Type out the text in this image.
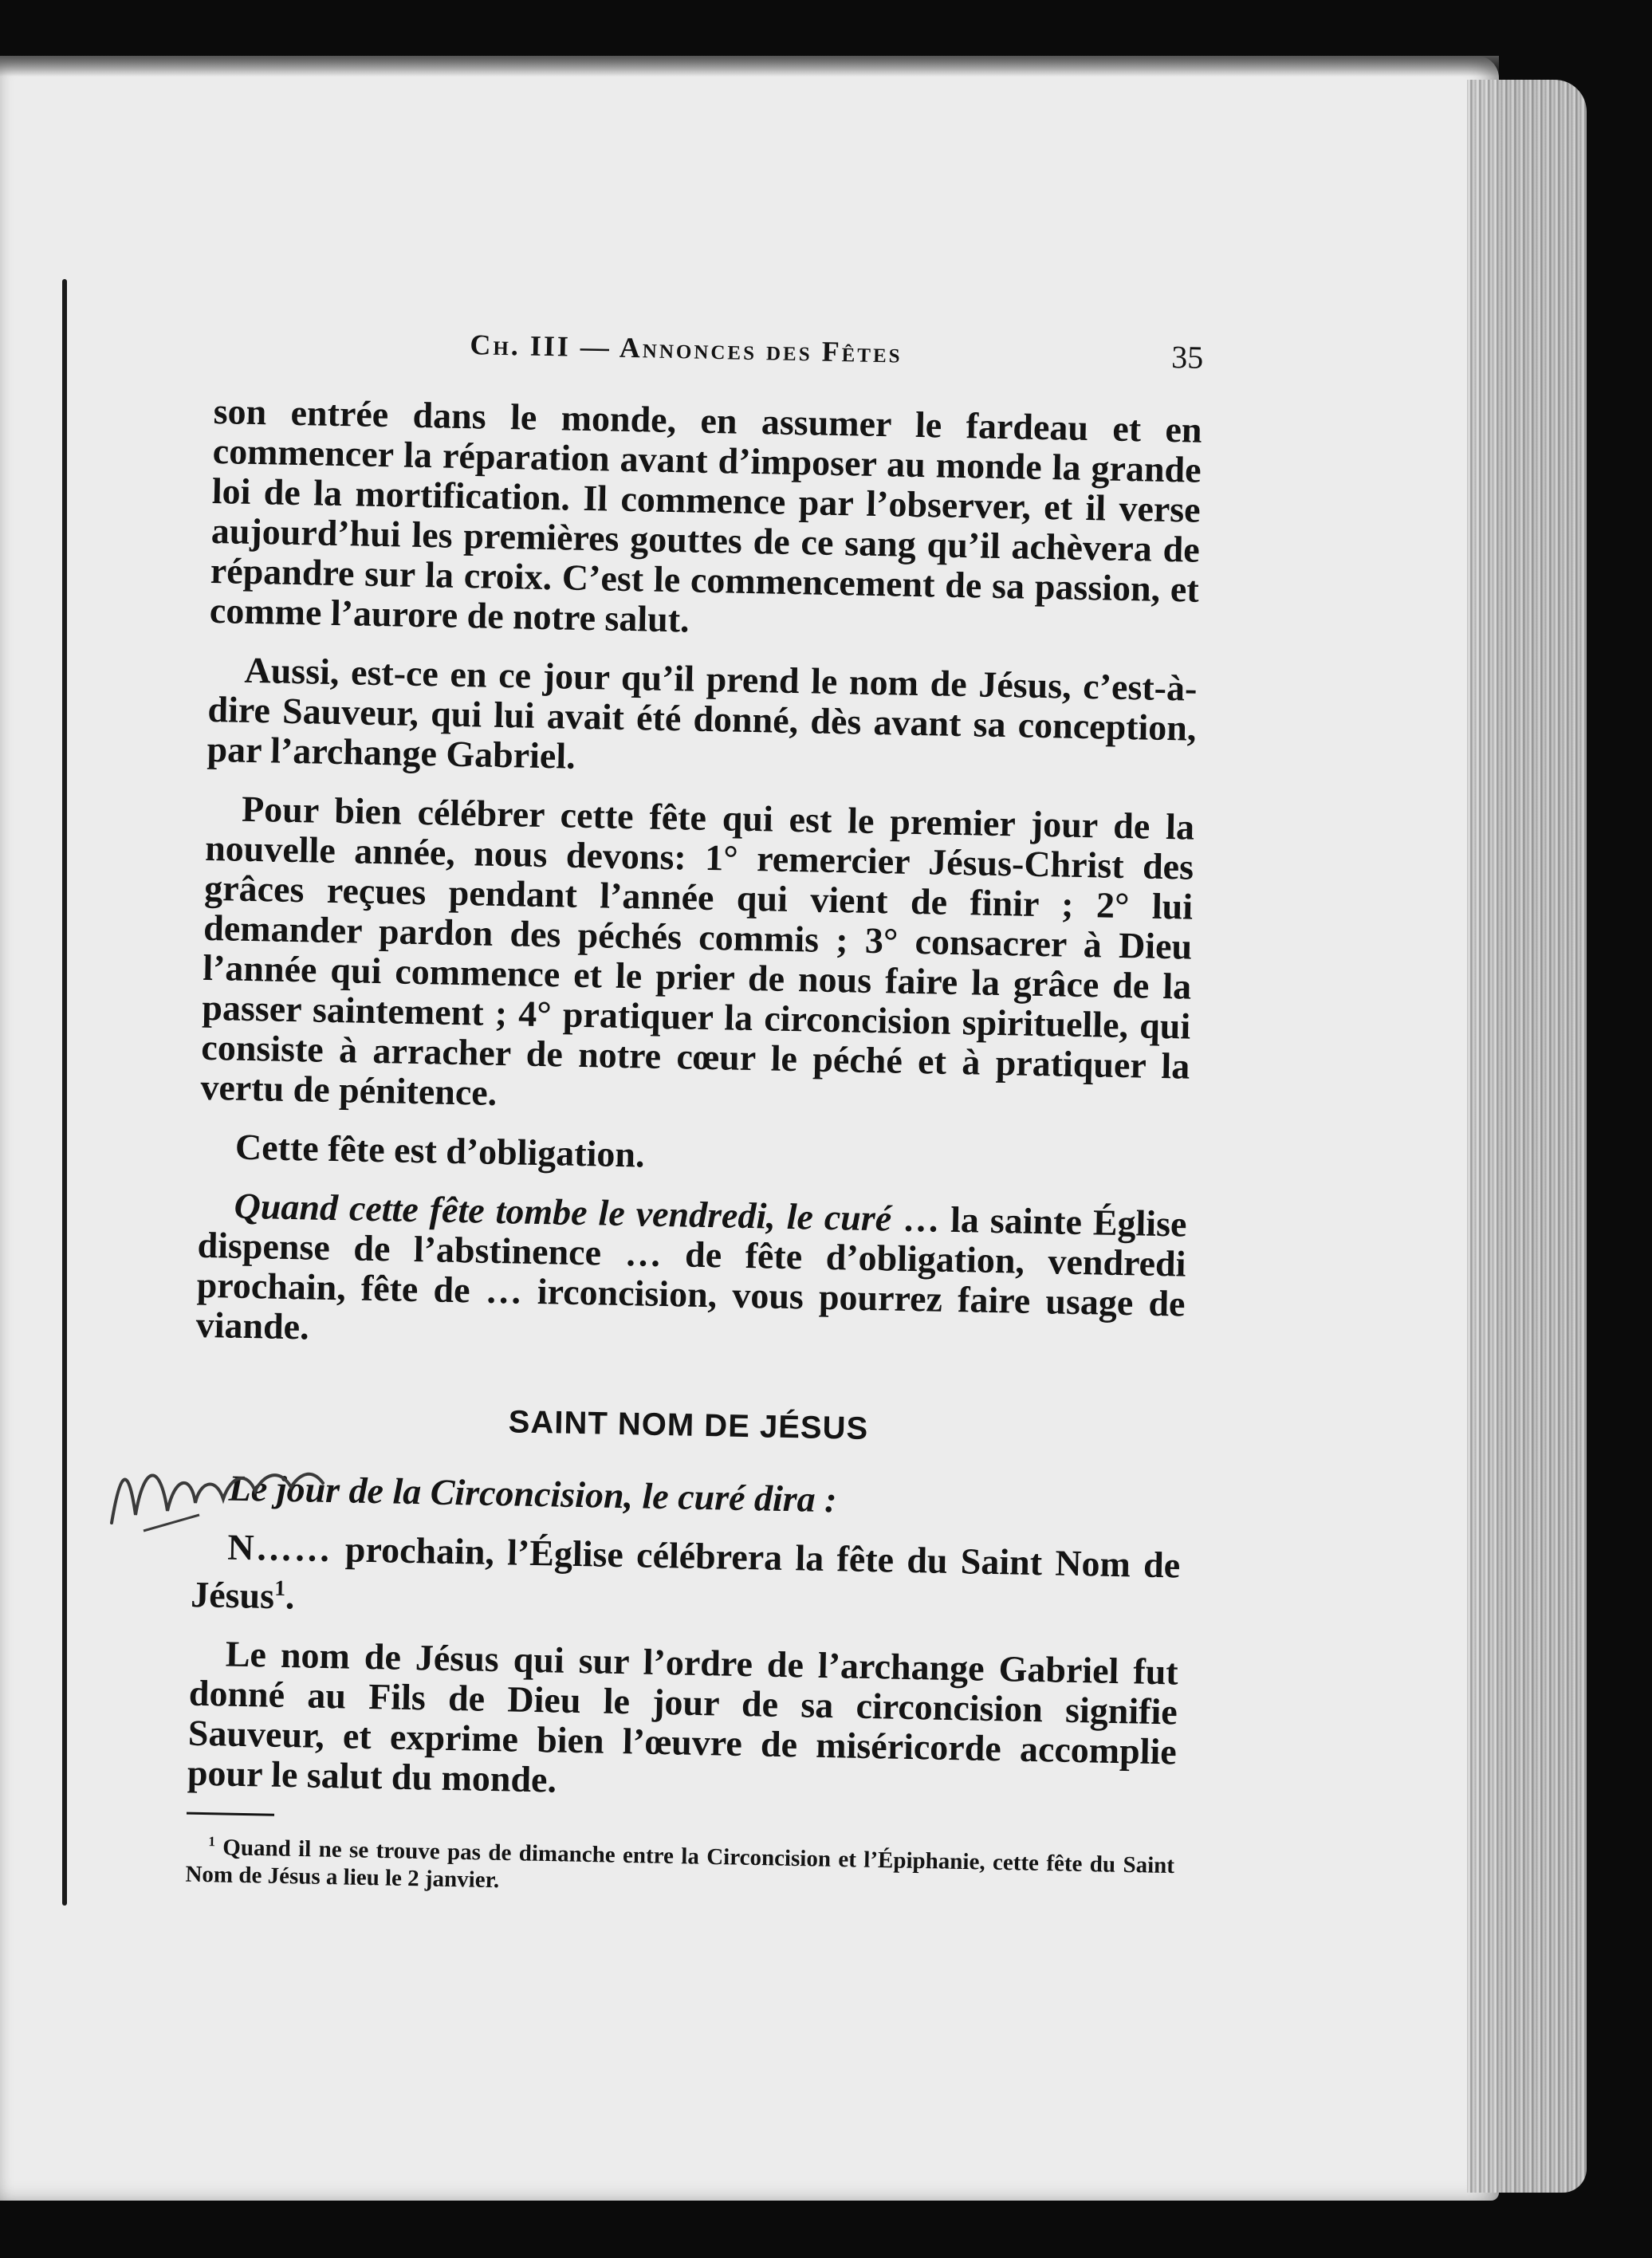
Ch. III — Annonces des Fêtes	35

son entrée dans le monde, en assumer le fardeau et en commencer la réparation avant d’imposer au monde la grande loi de la mortification. Il commence par l’observer, et il verse aujourd’hui les premières gouttes de ce sang qu’il achèvera de répandre sur la croix. C’est le commencement de sa passion, et comme l’aurore de notre salut.

Aussi, est-ce en ce jour qu’il prend le nom de Jésus, c’est-à-dire Sauveur, qui lui avait été donné, dès avant sa conception, par l’archange Gabriel.

Pour bien célébrer cette fête qui est le premier jour de la nouvelle année, nous devons: 1° remercier Jésus-Christ des grâces reçues pendant l’année qui vient de finir ; 2° lui demander pardon des péchés commis ; 3° consacrer à Dieu l’année qui commence et le prier de nous faire la grâce de la passer saintement ; 4° pratiquer la circoncision spirituelle, qui consiste à arracher de notre cœur le péché et à pratiquer la vertu de pénitence.

Cette fête est d’obligation.

Quand cette fête tombe le vendredi, le curé … la sainte Église dispense de l’abstinence … de fête d’obligation, vendredi prochain, fête de … irconcision, vous pourrez faire usage de viande.

SAINT NOM DE JÉSUS

Le jour de la Circoncision, le curé dira :

N…… prochain, l’Église célébrera la fête du Saint Nom de Jésus$^1$.

Le nom de Jésus qui sur l’ordre de l’archange Gabriel fut donné au Fils de Dieu le jour de sa circoncision signifie Sauveur, et exprime bien l’œuvre de miséricorde accomplie pour le salut du monde.

$^1$ Quand il ne se trouve pas de dimanche entre la Circoncision et l’Épiphanie, cette fête du Saint Nom de Jésus a lieu le 2 janvier.
